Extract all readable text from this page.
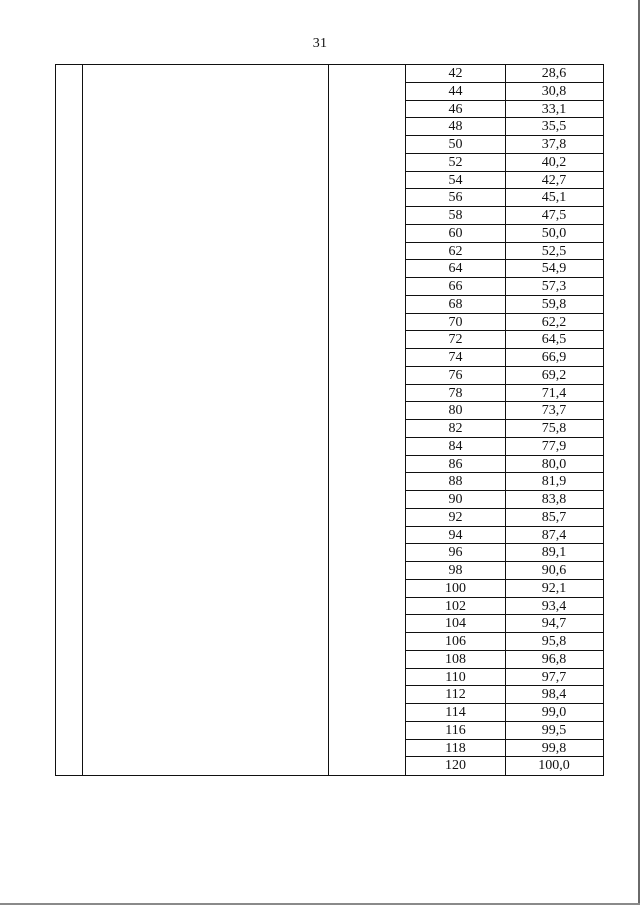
31
42	28,6
44	30,8
46	33,1
48	35,5
50	37,8
52	40,2
54	42,7
56	45,1
58	47,5
60	50,0
62	52,5
64	54,9
66	57,3
68	59,8
70	62,2
72	64,5
74	66,9
76	69,2
78	71,4
80	73,7
82	75,8
84	77,9
86	80,0
88	81,9
90	83,8
92	85,7
94	87,4
96	89,1
98	90,6
100	92,1
102	93,4
104	94,7
106	95,8
108	96,8
110	97,7
112	98,4
114	99,0
116	99,5
118	99,8
120	100,0
